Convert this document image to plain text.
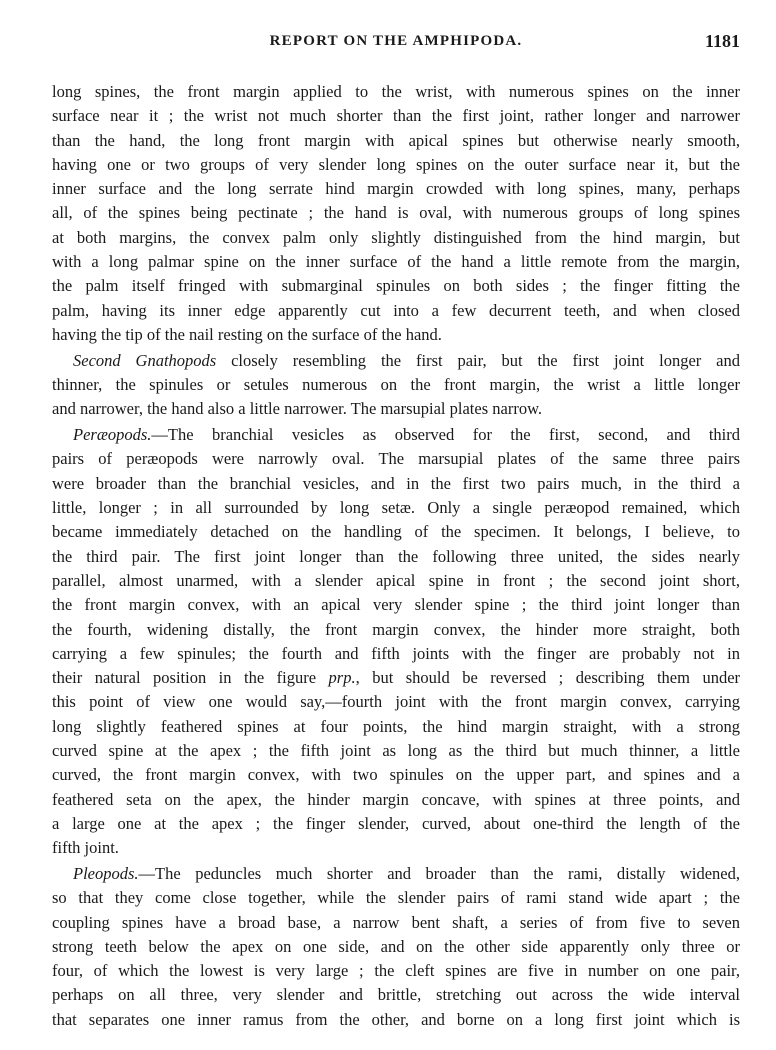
REPORT ON THE AMPHIPODA.	1181
long spines, the front margin applied to the wrist, with numerous spines on the inner
surface near it ; the wrist not much shorter than the first joint, rather longer and narrower
than the hand, the long front margin with apical spines but otherwise nearly smooth,
having one or two groups of very slender long spines on the outer surface near it, but the
inner surface and the long serrate hind margin crowded with long spines, many, perhaps
all, of the spines being pectinate ; the hand is oval, with numerous groups of long spines
at both margins, the convex palm only slightly distinguished from the hind margin, but
with a long palmar spine on the inner surface of the hand a little remote from the margin,
the palm itself fringed with submarginal spinules on both sides ; the finger fitting the
palm, having its inner edge apparently cut into a few decurrent teeth, and when closed
having the tip of the nail resting on the surface of the hand.
Second Gnathopods closely resembling the first pair, but the first joint longer and
thinner, the spinules or setules numerous on the front margin, the wrist a little longer
and narrower, the hand also a little narrower. The marsupial plates narrow.
Peræopods.—The branchial vesicles as observed for the first, second, and third
pairs of peræopods were narrowly oval. The marsupial plates of the same three pairs
were broader than the branchial vesicles, and in the first two pairs much, in the third a
little, longer ; in all surrounded by long setæ. Only a single peræopod remained, which
became immediately detached on the handling of the specimen. It belongs, I believe, to
the third pair. The first joint longer than the following three united, the sides nearly
parallel, almost unarmed, with a slender apical spine in front ; the second joint short,
the front margin convex, with an apical very slender spine ; the third joint longer than
the fourth, widening distally, the front margin convex, the hinder more straight, both
carrying a few spinules; the fourth and fifth joints with the finger are probably not in
their natural position in the figure prp., but should be reversed ; describing them under
this point of view one would say,—fourth joint with the front margin convex, carrying
long slightly feathered spines at four points, the hind margin straight, with a strong
curved spine at the apex ; the fifth joint as long as the third but much thinner, a little
curved, the front margin convex, with two spinules on the upper part, and spines and a
feathered seta on the apex, the hinder margin concave, with spines at three points, and
a large one at the apex ; the finger slender, curved, about one-third the length of the
fifth joint.
Pleopods.—The peduncles much shorter and broader than the rami, distally widened,
so that they come close together, while the slender pairs of rami stand wide apart ; the
coupling spines have a broad base, a narrow bent shaft, a series of from five to seven
strong teeth below the apex on one side, and on the other side apparently only three or
four, of which the lowest is very large ; the cleft spines are five in number on one pair,
perhaps on all three, very slender and brittle, stretching out across the wide interval
that separates one inner ramus from the other, and borne on a long first joint which is
